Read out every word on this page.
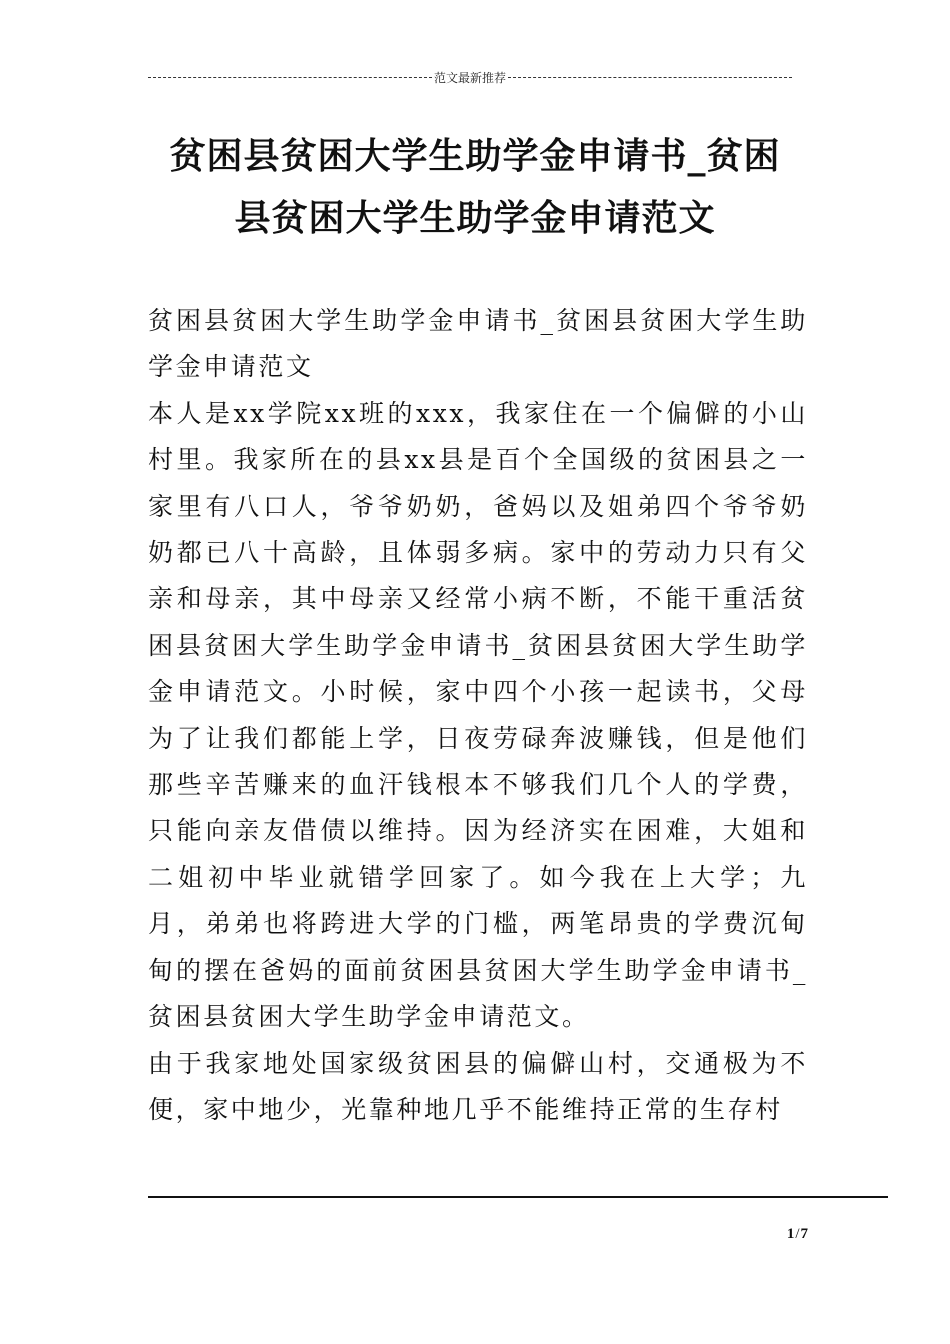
范文最新推荐
贫困县贫困大学生助学金申请书_贫困
县贫困大学生助学金申请范文

贫困县贫困大学生助学金申请书_贫困县贫困大学生助学金申请范文

本人是xx学院xx班的xxx，我家住在一个偏僻的小山村里。我家所在的县xx县是百个全国级的贫困县之一家里有八口人，爷爷奶奶，爸妈以及姐弟四个爷爷奶奶都已八十高龄，且体弱多病。家中的劳动力只有父亲和母亲，其中母亲又经常小病不断，不能干重活贫困县贫困大学生助学金申请书_贫困县贫困大学生助学金申请范文。小时候，家中四个小孩一起读书，父母为了让我们都能上学，日夜劳碌奔波赚钱，但是他们那些辛苦赚来的血汗钱根本不够我们几个人的学费，只能向亲友借债以维持。因为经济实在困难，大姐和二姐初中毕业就错学回家了。如今我在上大学；九月，弟弟也将跨进大学的门槛，两笔昂贵的学费沉甸甸的摆在爸妈的面前贫困县贫困大学生助学金申请书_贫困县贫困大学生助学金申请范文。

由于我家地处国家级贫困县的偏僻山村，交通极为不便，家中地少，光靠种地几乎不能维持正常的生存村

1/7
